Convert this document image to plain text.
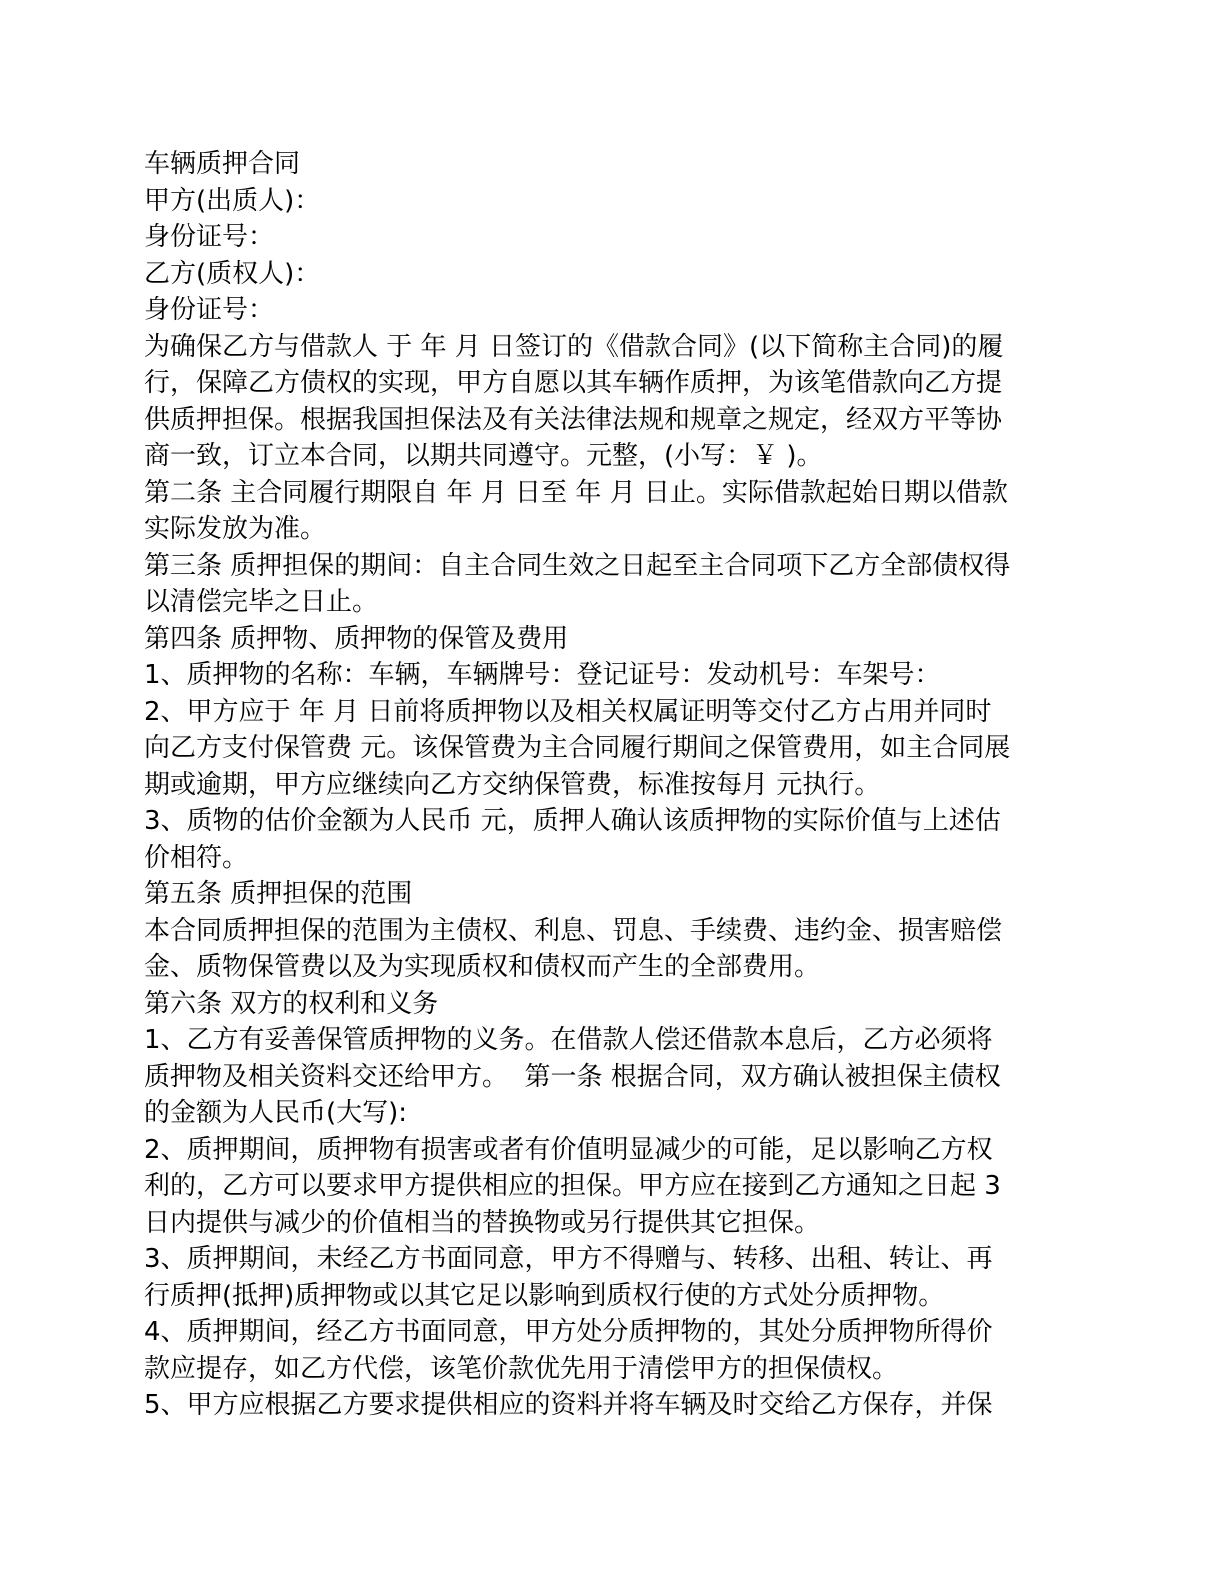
车辆质押合同
甲方(出质人)：
身份证号：
乙方(质权人)：
身份证号：
为确保乙方与借款人 于 年 月 日签订的《借款合同》(以下简称主合同)的履
行，保障乙方债权的实现，甲方自愿以其车辆作质押，为该笔借款向乙方提
供质押担保。根据我国担保法及有关法律法规和规章之规定，经双方平等协
商一致，订立本合同，以期共同遵守。元整，(小写：￥ )。
第二条 主合同履行期限自 年 月 日至 年 月 日止。实际借款起始日期以借款
实际发放为准。
第三条 质押担保的期间：自主合同生效之日起至主合同项下乙方全部债权得
以清偿完毕之日止。
第四条 质押物、质押物的保管及费用
1、质押物的名称：车辆，车辆牌号：登记证号：发动机号：车架号：
2、甲方应于 年 月 日前将质押物以及相关权属证明等交付乙方占用并同时
向乙方支付保管费 元。该保管费为主合同履行期间之保管费用，如主合同展
期或逾期，甲方应继续向乙方交纳保管费，标准按每月 元执行。
3、质物的估价金额为人民币 元，质押人确认该质押物的实际价值与上述估
价相符。
第五条 质押担保的范围
本合同质押担保的范围为主债权、利息、罚息、手续费、违约金、损害赔偿
金、质物保管费以及为实现质权和债权而产生的全部费用。
第六条 双方的权利和义务
1、乙方有妥善保管质押物的义务。在借款人偿还借款本息后，乙方必须将
质押物及相关资料交还给甲方。  第一条 根据合同，双方确认被担保主债权
的金额为人民币(大写):
2、质押期间，质押物有损害或者有价值明显减少的可能，足以影响乙方权
利的，乙方可以要求甲方提供相应的担保。甲方应在接到乙方通知之日起 3
日内提供与减少的价值相当的替换物或另行提供其它担保。
3、质押期间，未经乙方书面同意，甲方不得赠与、转移、出租、转让、再
行质押(抵押)质押物或以其它足以影响到质权行使的方式处分质押物。
4、质押期间，经乙方书面同意，甲方处分质押物的，其处分质押物所得价
款应提存，如乙方代偿，该笔价款优先用于清偿甲方的担保债权。
5、甲方应根据乙方要求提供相应的资料并将车辆及时交给乙方保存，并保
